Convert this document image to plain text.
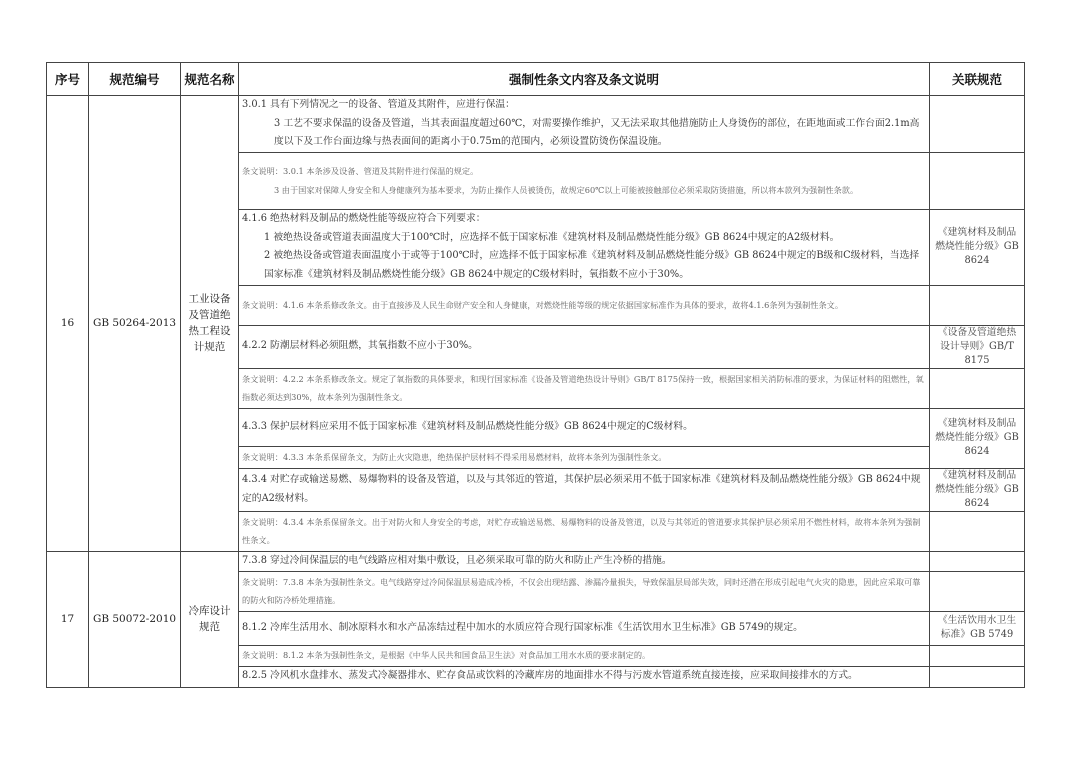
序号	规范编号	规范名称	强制性条文内容及条文说明	关联规范
16	GB 50264-2013	工业设备及管道绝热工程设计规范	3.0.1 具有下列情况之一的设备、管道及其附件，应进行保温：
3 工艺不要求保温的设备及管道，当其表面温度超过60℃，对需要操作维护，又无法采取其他措施防止人身烫伤的部位，在距地面或工作台面2.1m高度以下及工作台面边缘与热表面间的距离小于0.75m的范围内，必须设置防烫伤保温设施。	

			条文说明：3.0.1 本条涉及设备、管道及其附件进行保温的规定。
3 由于国家对保障人身安全和人身健康列为基本要求，为防止操作人员被烫伤，故规定60℃以上可能被接触部位必须采取防烫措施，所以将本款列为强制性条款。	

			4.1.6 绝热材料及制品的燃烧性能等级应符合下列要求：
1 被绝热设备或管道表面温度大于100℃时，应选择不低于国家标准《建筑材料及制品燃烧性能分级》GB 8624中规定的A2级材料。
2 被绝热设备或管道表面温度小于或等于100℃时，应选择不低于国家标准《建筑材料及制品燃烧性能分级》GB 8624中规定的B级和C级材料，当选择国家标准《建筑材料及制品燃烧性能分级》GB 8624中规定的C级材料时，氧指数不应小于30%。	《建筑材料及制品燃烧性能分级》GB 8624

			条文说明：4.1.6 本条系修改条文。由于直接涉及人民生命财产安全和人身健康，对燃烧性能等级的规定依据国家标准作为具体的要求，故将4.1.6条列为强制性条文。	

			4.2.2 防潮层材料必须阻燃，其氧指数不应小于30%。	《设备及管道绝热设计导则》GB/T 8175

			条文说明：4.2.2 本条系修改条文。规定了氧指数的具体要求，和现行国家标准《设备及管道绝热设计导则》GB/T 8175保持一致，根据国家相关消防标准的要求，为保证材料的阻燃性，氧指数必须达到30%，故本条列为强制性条文。	

			4.3.3 保护层材料应采用不低于国家标准《建筑材料及制品燃烧性能分级》GB 8624中规定的C级材料。	《建筑材料及制品燃烧性能分级》GB 8624

			条文说明：4.3.3 本条系保留条文，为防止火灾隐患，绝热保护层材料不得采用易燃材料，故将本条列为强制性条文。	

			4.3.4 对贮存或输送易燃、易爆物料的设备及管道，以及与其邻近的管道，其保护层必须采用不低于国家标准《建筑材料及制品燃烧性能分级》GB 8624中规定的A2级材料。	《建筑材料及制品燃烧性能分级》GB 8624

			条文说明：4.3.4 本条系保留条文。出于对防火和人身安全的考虑，对贮存或输送易燃、易爆物料的设备及管道，以及与其邻近的管道要求其保护层必须采用不燃性材料，故将本条列为强制性条文。	

17	GB 50072-2010	冷库设计规范	7.3.8 穿过冷间保温层的电气线路应相对集中敷设，且必须采取可靠的防火和防止产生冷桥的措施。	

			条文说明：7.3.8 本条为强制性条文。电气线路穿过冷间保温层易造成冷桥，不仅会出现结露、渗漏冷量损失，导致保温层局部失效，同时还潜在形成引起电气火灾的隐患，因此应采取可靠的防火和防冷桥处理措施。	

			8.1.2 冷库生活用水、制冰原料水和水产品冻结过程中加水的水质应符合现行国家标准《生活饮用水卫生标准》GB 5749的规定。	《生活饮用水卫生标准》GB 5749

			条文说明：8.1.2 本条为强制性条文，是根据《中华人民共和国食品卫生法》对食品加工用水水质的要求制定的。	

			8.2.5 冷风机水盘排水、蒸发式冷凝器排水、贮存食品或饮料的冷藏库房的地面排水不得与污废水管道系统直接连接，应采取间接排水的方式。	
